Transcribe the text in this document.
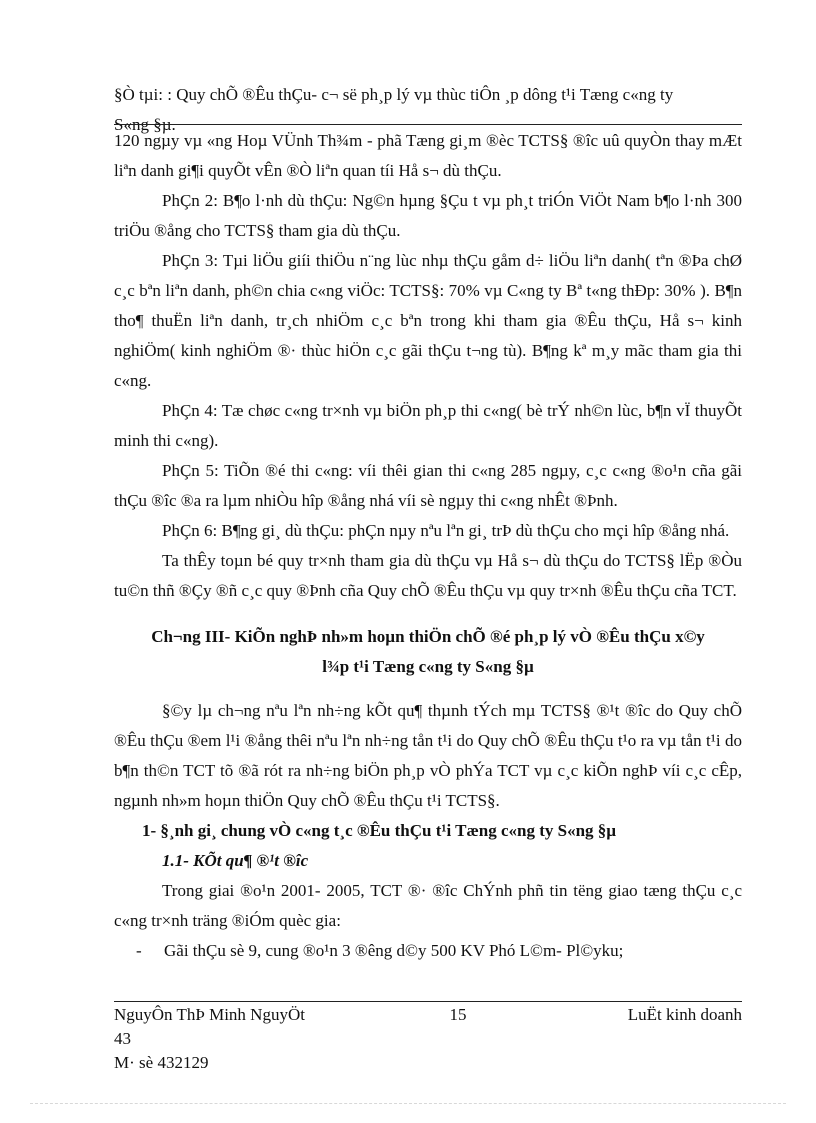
§Ò tµi: : Quy chÕ ®Êu thÇu- c¬ së ph¸p lý vµ thùc tiÔn ¸p dông t¹i Tæng c«ng ty
S«ng §µ.

120 ngµy vµ «ng Hoµ VÜnh Th¾m - phã Tæng gi¸m ®èc TCTS§ ®îc uû quyÒn thay mÆt liªn danh gi¶i quyÕt vÊn ®Ò liªn quan tíi Hå s¬ dù thÇu.

PhÇn 2: B¶o l·nh dù thÇu: Ng©n hµng §Çu t vµ ph¸t triÓn ViÖt Nam b¶o l·nh 300 triÖu ®ång cho TCTS§ tham gia dù thÇu.

PhÇn 3: Tµi liÖu giíi thiÖu n¨ng lùc nhµ thÇu gåm d÷ liÖu liªn danh( tªn ®Þa chØ c¸c bªn liªn danh, ph©n chia c«ng viÖc: TCTS§: 70% vµ C«ng ty Bª t«ng thÐp: 30% ). B¶n tho¶ thuËn liªn danh, tr¸ch nhiÖm c¸c bªn trong khi tham gia ®Êu thÇu, Hå s¬ kinh nghiÖm( kinh nghiÖm ®· thùc hiÖn c¸c gãi thÇu t¬ng tù). B¶ng kª m¸y mãc tham gia thi c«ng.

PhÇn 4: Tæ chøc c«ng tr×nh vµ biÖn ph¸p thi c«ng( bè trÝ nh©n lùc, b¶n vÏ thuyÕt minh thi c«ng).

PhÇn 5: TiÕn ®é thi c«ng: víi thêi gian thi c«ng 285 ngµy, c¸c c«ng ®o¹n cña gãi thÇu ®îc ®a ra lµm nhiÒu hîp ®ång nhá víi sè ngµy thi c«ng nhÊt ®Þnh.

PhÇn 6: B¶ng gi¸ dù thÇu: phÇn nµy nªu lªn gi¸ trÞ dù thÇu cho mçi hîp ®ång nhá.

Ta thÊy toµn bé quy tr×nh tham gia dù thÇu vµ Hå s¬ dù thÇu do TCTS§ lËp ®Òu tu©n thñ ®Çy ®ñ c¸c quy ®Þnh cña Quy chÕ ®Êu thÇu vµ quy tr×nh ®Êu thÇu cña TCT.

Ch¬ng III- KiÕn nghÞ nh»m hoµn thiÖn chÕ ®é ph¸p lý vÒ ®Êu thÇu x©y

l¾p t¹i Tæng c«ng ty S«ng §µ

§©y lµ ch¬ng nªu lªn nh÷ng kÕt qu¶ thµnh tÝch mµ TCTS§ ®¹t ®îc do Quy chÕ ®Êu thÇu ®em l¹i ®ång thêi nªu lªn nh÷ng tån t¹i do Quy chÕ ®Êu thÇu t¹o ra vµ tån t¹i do b¶n th©n TCT tõ ®ã rót ra nh÷ng biÖn ph¸p vÒ phÝa TCT vµ c¸c kiÕn nghÞ víi c¸c cÊp, ngµnh nh»m hoµn thiÖn Quy chÕ ®Êu thÇu t¹i TCTS§.

1- §¸nh gi¸ chung vÒ c«ng t¸c ®Êu thÇu t¹i Tæng c«ng ty S«ng §µ

1.1- KÕt qu¶ ®¹t ®îc

Trong giai ®o¹n 2001- 2005, TCT ®· ®îc ChÝnh phñ tin tëng giao tæng thÇu c¸c c«ng tr×nh träng ®iÓm quèc gia:

-	Gãi thÇu sè 9, cung ®o¹n 3 ®êng d©y 500 KV Phó L©m- Pl©yku;
NguyÔn ThÞ Minh NguyÖt	15	LuËt kinh doanh
43
M· sè 432129
